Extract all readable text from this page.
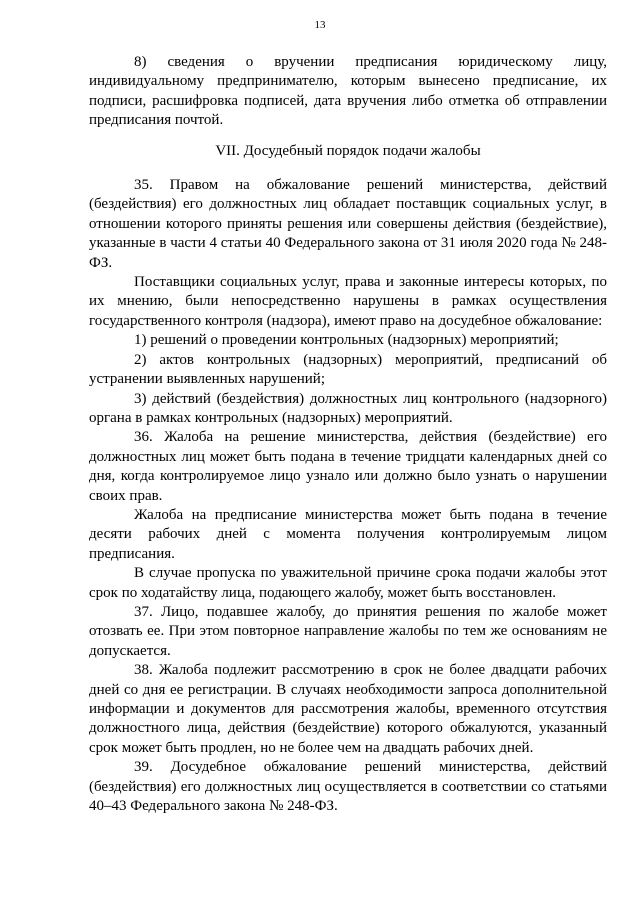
13

8) сведения о вручении предписания юридическому лицу, индивидуальному предпринимателю, которым вынесено предписание, их подписи, расшифровка подписей, дата вручения либо отметка об отправлении предписания почтой.

VII. Досудебный порядок подачи жалобы

35. Правом на обжалование решений министерства, действий (бездействия) его должностных лиц обладает поставщик социальных услуг, в отношении которого приняты решения или совершены действия (бездействие), указанные в части 4 статьи 40 Федерального закона от 31 июля 2020 года № 248-ФЗ.

Поставщики социальных услуг, права и законные интересы которых, по их мнению, были непосредственно нарушены в рамках осуществления государственного контроля (надзора), имеют право на досудебное обжалование:

1) решений о проведении контрольных (надзорных) мероприятий;

2) актов контрольных (надзорных) мероприятий, предписаний об устранении выявленных нарушений;

3) действий (бездействия) должностных лиц контрольного (надзорного) органа в рамках контрольных (надзорных) мероприятий.

36. Жалоба на решение министерства, действия (бездействие) его должностных лиц может быть подана в течение тридцати календарных дней со дня, когда контролируемое лицо узнало или должно было узнать о нарушении своих прав.

Жалоба на предписание министерства может быть подана в течение десяти рабочих дней с момента получения контролируемым лицом предписания.

В случае пропуска по уважительной причине срока подачи жалобы этот срок по ходатайству лица, подающего жалобу, может быть восстановлен.

37. Лицо, подавшее жалобу, до принятия решения по жалобе может отозвать ее. При этом повторное направление жалобы по тем же основаниям не допускается.

38. Жалоба подлежит рассмотрению в срок не более двадцати рабочих дней со дня ее регистрации. В случаях необходимости запроса дополнительной информации и документов для рассмотрения жалобы, временного отсутствия должностного лица, действия (бездействие) которого обжалуются, указанный срок может быть продлен, но не более чем на двадцать рабочих дней.

39. Досудебное обжалование решений министерства, действий (бездействия) его должностных лиц осуществляется в соответствии со статьями 40–43 Федерального закона № 248-ФЗ.
